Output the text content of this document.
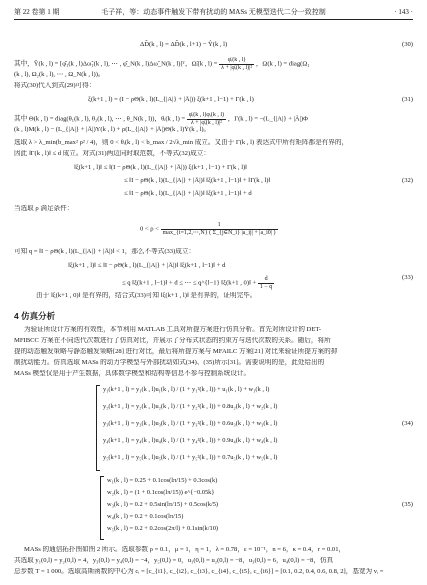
第 22 卷第 1 期	毛子祥，等：动态事件触发下带有扰动的 MASs 无模型迭代二分一致控制	· 143 ·
ΔD̂(k , l) = ΔD̂(k , l+1) − Ŷ(k , l)	(30)
其中，Ŷ(k , l) = [φ̂₁(k , l)Δω̃₁(k , l), ⋯ , φ̂_N(k , l)Δω̃_N(k , l)]ᵀ，Ω̃ᵢ(k , $l) = \frac{\text{φ̂ᵢ(k , l)}}{\text{λ + |φ̂ᵢ(k , l)|²}}$ ，Ω(k , l) = diag(Ω₁
(k , l), Ω₂(k , l), ⋯ , Ω_N(k , l))。
将式(30)代入到式(29)可得：
ξ(k+1 , l) = (I − ρΘ(k , l)(L_{|A|} + |Ā|)) ξ(k+1 , l−1) + Γ(k , l)	(31)
其中 Θ(k , l) = diag(θ₁(k , l), θ₂(k , l), ⋯ , θ_N(k , l))，θᵢ(k , $l) = \frac{\text{φ̂ᵢ(k , l)φᵢ(k , l)}}{\text{λ + |φ̂ᵢ(k , l)|²}}$ ，Γ(k , l) = −(L_{|A|} + |Ā|)Φ
(k , l)M(k , l) − (L_{|A|} + |Ā|)Y(k , l) + ρ(L_{|A|} + |Ā|)Θ(k , l)Ŷ(k , l)。
选取 λ > λ_min(b_max² ρ² / 4)，则 0 < θᵢ(k , l) < b_max / 2√λ_min 成立。又由于 Γ(k , l) 表达式中所有矩阵都是有界的，
因此 ‖Γ(k , l)‖ ≤ d 成立。对式(31)两边同时取范数，不等式(32)成立：
‖ξ(k+1 , l)‖ ≤ ‖(I − ρΘ(k , l)(L_{|A|} + |Ā|)) ξ(k+1 , l−1) + Γ(k , l)‖
≤ ‖I − ρΘ(k , l)(L_{|A|} + |Ā|)‖ ‖ξ(k+1 , l−1)‖ + ‖Γ(k , l)‖	(32)
≤ ‖I − ρΘ(k , l)(L_{|A|} + |Ā|)‖ ‖ξ(k+1 , l−1)‖ + d
当选取 ρ 满足条件：
$0 < \rho < \frac{1}{\max\_\{i=1,2,\cdots,N\} ( \Sigma\_\{j\in N\_i\} |a\_ij| + |a\_i0| )}$
可知 q = ‖I − ρΘ(k , l)(L_{|A|} + |Ā|)‖ < 1，那么不等式(33)成立：
‖ξ(k+1 , l)‖ ≤ ‖I − ρΘ(k , l)(L_{|A|} + |Ā|)‖ ‖ξ(k+1 , l−1)‖ + d
≤ q ‖ξ(k+1 , l−1)‖ + d ≤ ⋯ ≤ q^{l−1} ‖ξ(k+1 , 0)‖ + $\frac{d}{1 - q}$	(33)
由于 ‖ξ(k+1 , 0)‖ 是有界的，结合式(33)可知 ‖ξ(k+1 , l)‖ 是有界的，证明完毕。
4 仿真分析
为验证所设计方案的有效性，本节利用 MATLAB 工具对所提方案进行仿真分析。首先对所设计的 DET-
MFIBCC 方案在不同迭代次数进行了仿真对比，并展示了分布式状态的约束方与迭代次数的关系。随后，将所
提的动态触发策略与静态触发策略[28] 进行对比，最后将所提方案与 MFAILC 方案[21] 对比来验证所提方案的抑
制扰动能力。仿真选取 MASs 的动力学模型与外部扰动如式(34)、(35)所示[31]。需要说明的是，此处给出的
MASs 模型仅是用于产生数据，具体数学模型和结构等信息不参与控制系统设计。
y₁(k+1 , l) = y₁(k , l)u₁(k , l) / (1 + y₁²(k , l)) + u₁(k , l) + w₁(k , l)
y₂(k+1 , l) = y₂(k , l)u₂(k , l) / (1 + y₂²(k , l)) + 0.8u₂(k , l) + w₂(k , l)
y₃(k+1 , l) = y₃(k , l)u₃(k , l) / (1 + y₃²(k , l)) + 0.6u₃(k , l) + w₃(k , l)
y₄(k+1 , l) = y₄(k , l)u₄(k , l) / (1 + y₄²(k , l)) + 0.9u₄(k , l) + w₄(k , l)
y₅(k+1 , l) = y₅(k , l)u₅(k , l) / (1 + y₅²(k , l)) + 0.7u₅(k , l) + w₅(k , l)
(34)
w₁(k , l) = 0.25 + 0.1cos(lπ/15) + 0.3cos(k)
w₂(k , l) = (1 + 0.1cos(lπ/15)) e^{−0.05k}
w₃(k , l) = 0.2 + 0.5sin(lπ/15) + 0.5cos(k/5)
w₄(k , l) = 0.2 + 0.1cos(lπ/15)
w₅(k , l) = 0.2 + 0.2cos(2π/l) + 0.1sin(k/10)
(35)
MASs 的通信拓扑图如图 2 所示。选取参数 ρ = 0.1，μ = 1，η = 1，λ = 0.78，ε = 10⁻¹，n = 6，κ = 0.4，r = 0.01，
共选取 y₁(0,l) = y₂(0,l) = 4，y₃(0,l) = y₄(0,l) = −4，y₅(0,l) = 0，u₁(0,l) = u₂(0,l) = −8，u₃(0,l) = 6，u₄(0,l) = −8，仿真
总步数 T = 1 000。选取高斯函数的中心为 cᵢ = [c_{i1}, c_{i2}, c_{i3}, c_{i4}, c_{i5}, c_{i6}] = [0.1, 0.2, 0.4, 0.6, 0.8, 2]，基宽为 vᵢ =
